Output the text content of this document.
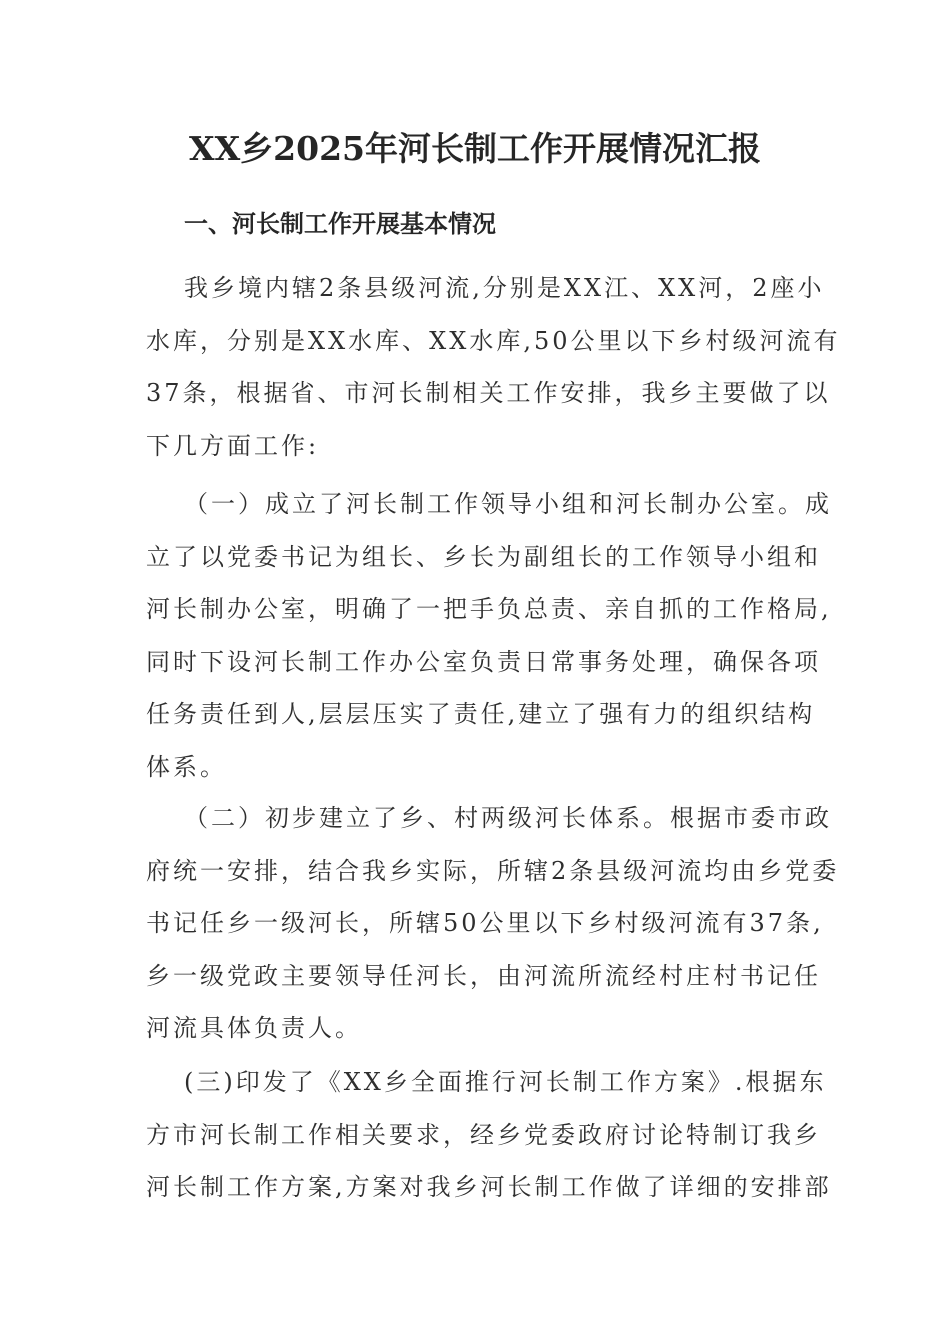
XX乡2025年河长制工作开展情况汇报
一、河长制工作开展基本情况
我乡境内辖2条县级河流,分别是XX江、XX河，2座小
水库，分别是XX水库、XX水库,50公里以下乡村级河流有
37条，根据省、市河长制相关工作安排，我乡主要做了以
下几方面工作:
（一）成立了河长制工作领导小组和河长制办公室。成
立了以党委书记为组长、乡长为副组长的工作领导小组和
河长制办公室，明确了一把手负总责、亲自抓的工作格局,
同时下设河长制工作办公室负责日常事务处理，确保各项
任务责任到人,层层压实了责任,建立了强有力的组织结构
体系。
（二）初步建立了乡、村两级河长体系。根据市委市政
府统一安排，结合我乡实际，所辖2条县级河流均由乡党委
书记任乡一级河长，所辖50公里以下乡村级河流有37条,
乡一级党政主要领导任河长，由河流所流经村庄村书记任
河流具体负责人。
(三)印发了《XX乡全面推行河长制工作方案》.根据东
方市河长制工作相关要求，经乡党委政府讨论特制订我乡
河长制工作方案,方案对我乡河长制工作做了详细的安排部
